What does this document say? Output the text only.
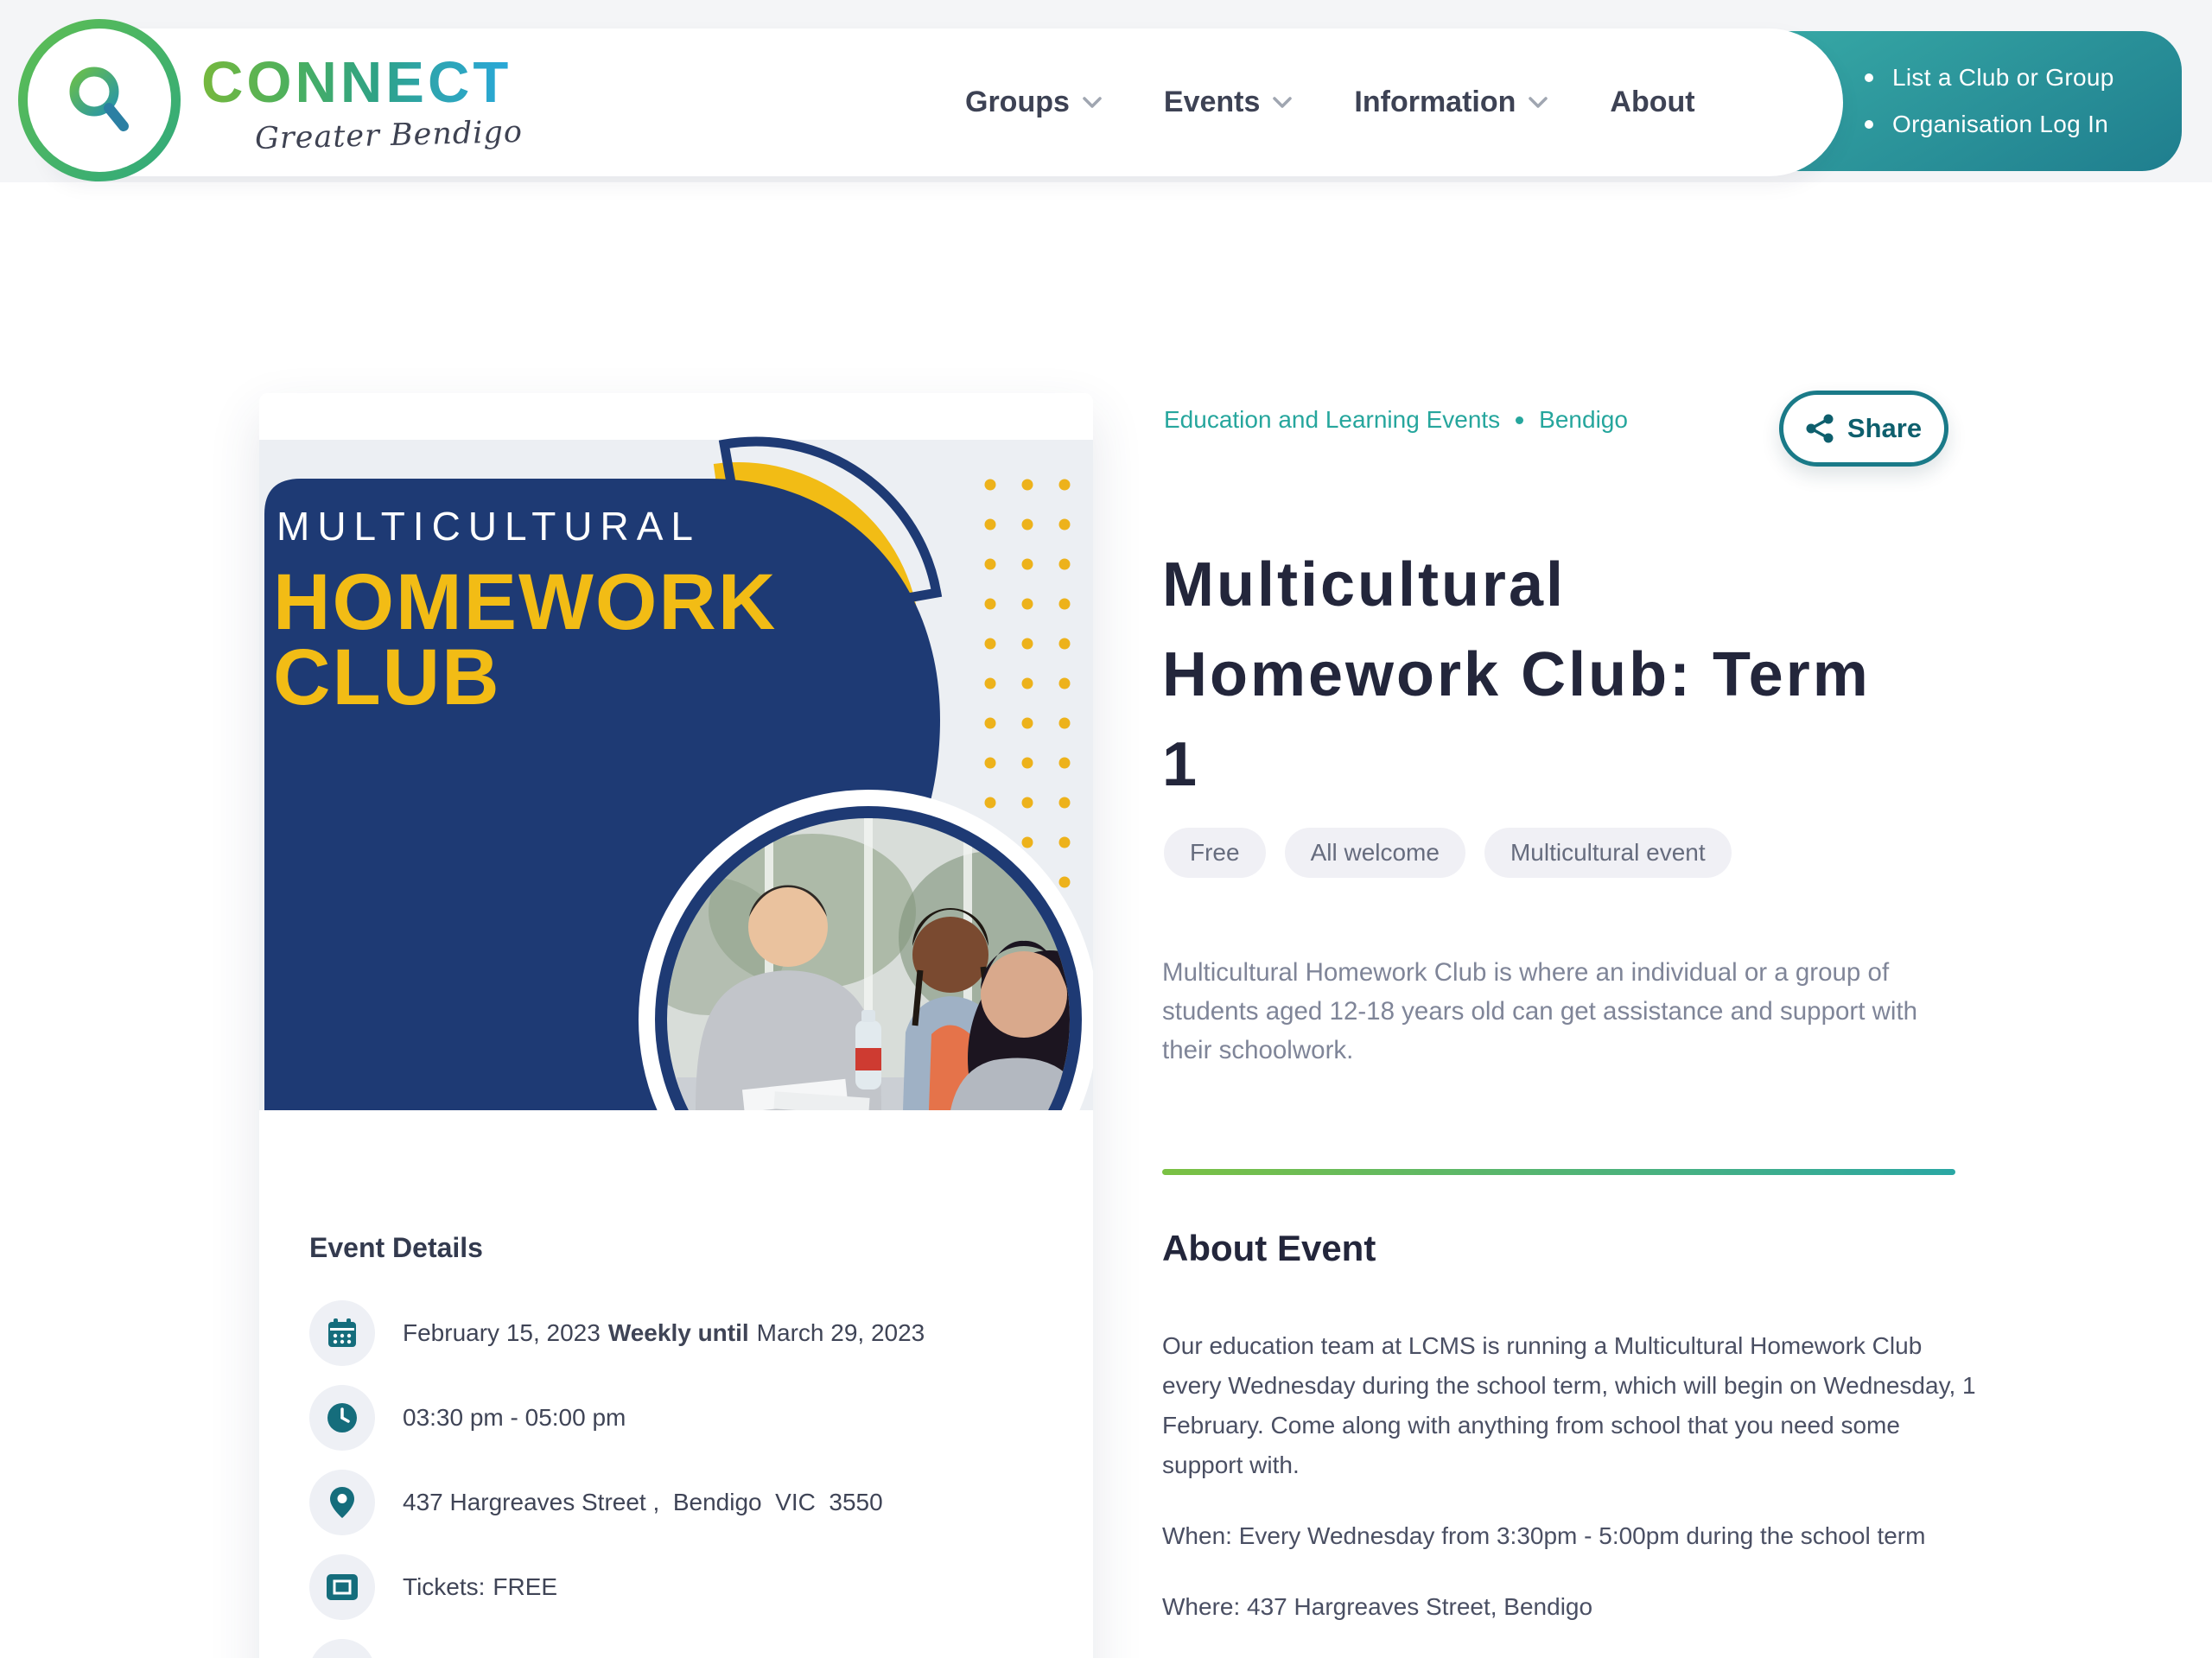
List a Club or Group
Organisation Log In
CONNECT
Greater Bendigo
Groups	Events	Information	About
MULTICULTURAL
HOMEWORK
CLUB
Event Details
February 15, 2023 Weekly until March 29, 2023
03:30 pm - 05:00 pm
437 Hargreaves Street ,  Bendigo  VIC  3550
Tickets: FREE
Education and Learning Events Bendigo	Share
Multicultural Homework Club: Term 1
Free	All welcome	Multicultural event
Multicultural Homework Club is where an individual or a group of students aged 12-18 years old can get assistance and support with their schoolwork.
About Event

Our education team at LCMS is running a Multicultural Homework Club every Wednesday during the school term, which will begin on Wednesday, 1 February. Come along with anything from school that you need some support with.

When: Every Wednesday from 3:30pm - 5:00pm during the school term

Where: 437 Hargreaves Street, Bendigo
